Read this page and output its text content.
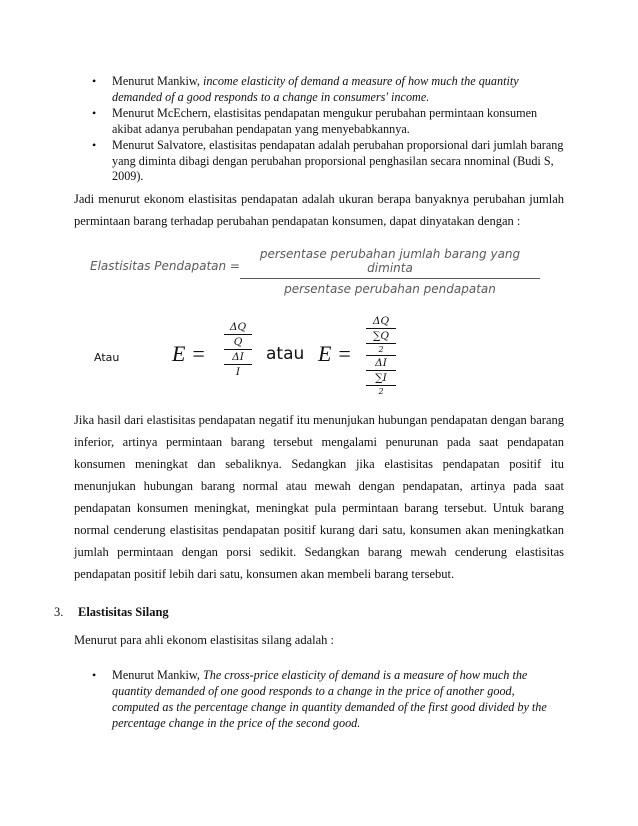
• Menurut Mankiw, income elasticity of demand a measure of how much the quantity demanded of a good responds to a change in consumers' income.
• Menurut McEchern, elastisitas pendapatan mengukur perubahan permintaan konsumen akibat adanya perubahan pendapatan yang menyebabkannya.
• Menurut Salvatore, elastisitas pendapatan adalah perubahan proporsional dari jumlah barang yang diminta dibagi dengan perubahan proporsional penghasilan secara nnominal (Budi S, 2009).
Jadi menurut ekonom elastisitas pendapatan adalah ukuran berapa banyaknya perubahan jumlah permintaan barang terhadap perubahan pendapatan konsumen, dapat dinyatakan dengan :
Elastisitas Pendapatan =
persentase perubahan jumlah barang yang diminta
persentase perubahan pendapatan
Atau E =
ΔQ
Q
ΔI
I
atau E =
ΔQ
∑Q
2
ΔI
∑I
2
Jika hasil dari elastisitas pendapatan negatif itu menunjukan hubungan pendapatan dengan barang inferior, artinya permintaan barang tersebut mengalami penurunan pada saat pendapatan konsumen meningkat dan sebaliknya. Sedangkan jika elastisitas pendapatan positif itu menunjukan hubungan barang normal atau mewah dengan pendapatan, artinya pada saat pendapatan konsumen meningkat, meningkat pula permintaan barang tersebut. Untuk barang normal cenderung elastisitas pendapatan positif kurang dari satu, konsumen akan meningkatkan jumlah permintaan dengan porsi sedikit. Sedangkan barang mewah cenderung elastisitas pendapatan positif lebih dari satu, konsumen akan membeli barang tersebut.
3. Elastisitas Silang
Menurut para ahli ekonom elastisitas silang adalah :
• Menurut Mankiw, The cross-price elasticity of demand is a measure of how much the quantity demanded of one good responds to a change in the price of another good, computed as the percentage change in quantity demanded of the first good divided by the percentage change in the price of the second good.
